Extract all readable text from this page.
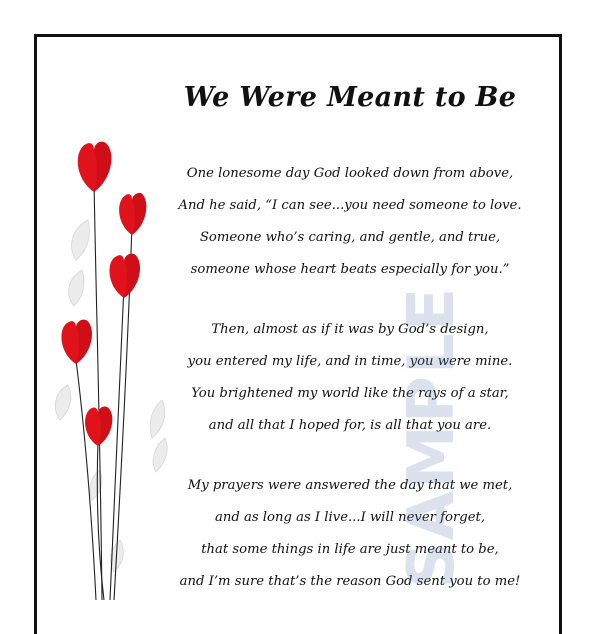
We Were Meant to Be
One lonesome day God looked down from above,
And he said, “I can see...you need someone to love.
Someone who’s caring, and gentle, and true,
someone whose heart beats especially for you.”
Then, almost as if it was by God’s design,
you entered my life, and in time, you were mine.
You brightened my world like the rays of a star,
and all that I hoped for, is all that you are.
My prayers were answered the day that we met,
and as long as I live...I will never forget,
that some things in life are just meant to be,
and I’m sure that’s the reason God sent you to me!
SAMPLE
